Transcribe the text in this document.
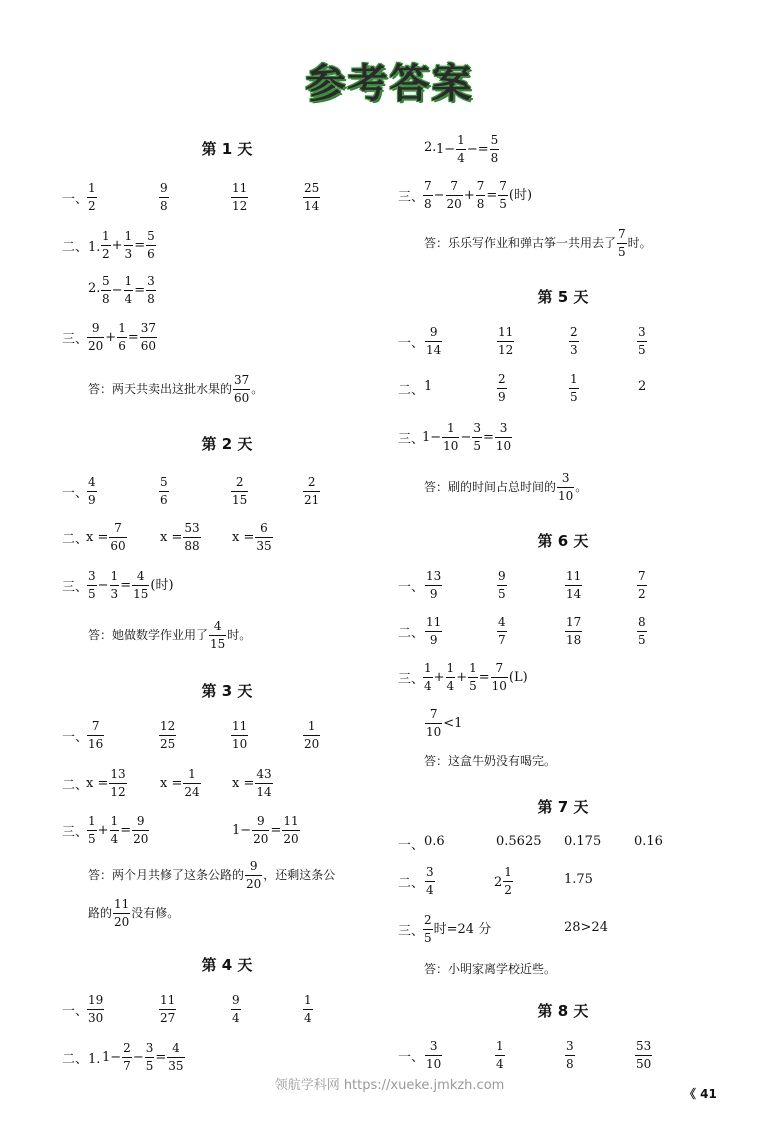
参考答案
第 1 天
一、
$\frac{1}{2}$	$\frac{9}{8}$	$\frac{11}{12}$	$\frac{25}{14}$
二、1. $\frac{1}{2} + \frac{1}{3} = \frac{5}{6}$
2. $\frac{5}{8} - \frac{1}{4} = \frac{3}{8}$
三、
$\frac{9}{20} + \frac{1}{6} = \frac{37}{60}$
答：两天共卖出这批水果的 $\frac{37}{60}$ 。
第 2 天
一、
$\frac{4}{9}$	$\frac{5}{6}$	$\frac{2}{15}$	$\frac{2}{21}$
二、
$x = \frac{7}{60}$	$x = \frac{53}{88}$ $x = \frac{6}{35}$
三、
$\frac{3}{5} - \frac{1}{3} = \frac{4}{15}$ (时)
答：她做数学作业用了 $\frac{4}{15}$ 时。
第 3 天
一、
$\frac{7}{16}$	$\frac{12}{25}$	$\frac{11}{10}$	$\frac{1}{20}$
二、
$x = \frac{13}{12}$	$x = \frac{1}{24}$ $x = \frac{43}{14}$
三、
$\frac{1}{5} + \frac{1}{4} = \frac{9}{20}$	$1- \frac{9}{20} = \frac{11}{20}$
答：两个月共修了这条公路的 $\frac{9}{20}$ ，还剩这条公
路的 $\frac{11}{20}$ 没有修。
第 4 天
一、
$\frac{19}{30}$	$\frac{11}{27}$	$\frac{9}{4}$	$\frac{1}{4}$
二、1. $1- \frac{2}{7} - \frac{3}{5} = \frac{4}{35}$
2. $1- \frac{1}{4} -= \frac{5}{8}$
三、
$\frac{7}{8} - \frac{7}{20} + \frac{7}{8} = \frac{7}{5}$ (时)
答：乐乐写作业和弹古筝一共用去了 $\frac{7}{5}$ 时。
第 5 天
一、 $\frac{9}{14}$	$\frac{11}{12}$	$\frac{2}{3}$	$\frac{3}{5}$
二、 1	$\frac{2}{9}$	$\frac{1}{5}$	2
三、
$1- \frac{1}{10} - \frac{3}{5} = \frac{3}{10}$
答：刷的时间占总时间的 $\frac{3}{10}$ 。
第 6 天
一、 $\frac{13}{9}$	$\frac{9}{5}$	$\frac{11}{14}$	$\frac{7}{2}$
二、 $\frac{11}{9}$	$\frac{4}{7}$	$\frac{17}{18}$	$\frac{8}{5}$
三、
$\frac{1}{4} + \frac{1}{4} + \frac{1}{5} = \frac{7}{10} (L)$
$\frac{7}{10} <1$
答：这盒牛奶没有喝完。
第 7 天
一、 0.6	0.5625 0.175	0.16
二、 $\frac{3}{4}$	$2 \frac{1}{2}$	1.75
三、
$\frac{2}{5}$ 时=24 分	28>24
答：小明家离学校近些。
第 8 天
一、 $\frac{3}{10}$	$\frac{1}{4}$	$\frac{3}{8}$	$\frac{53}{50}$
领航学科网 https://xueke.jmkzh.com
《 41
